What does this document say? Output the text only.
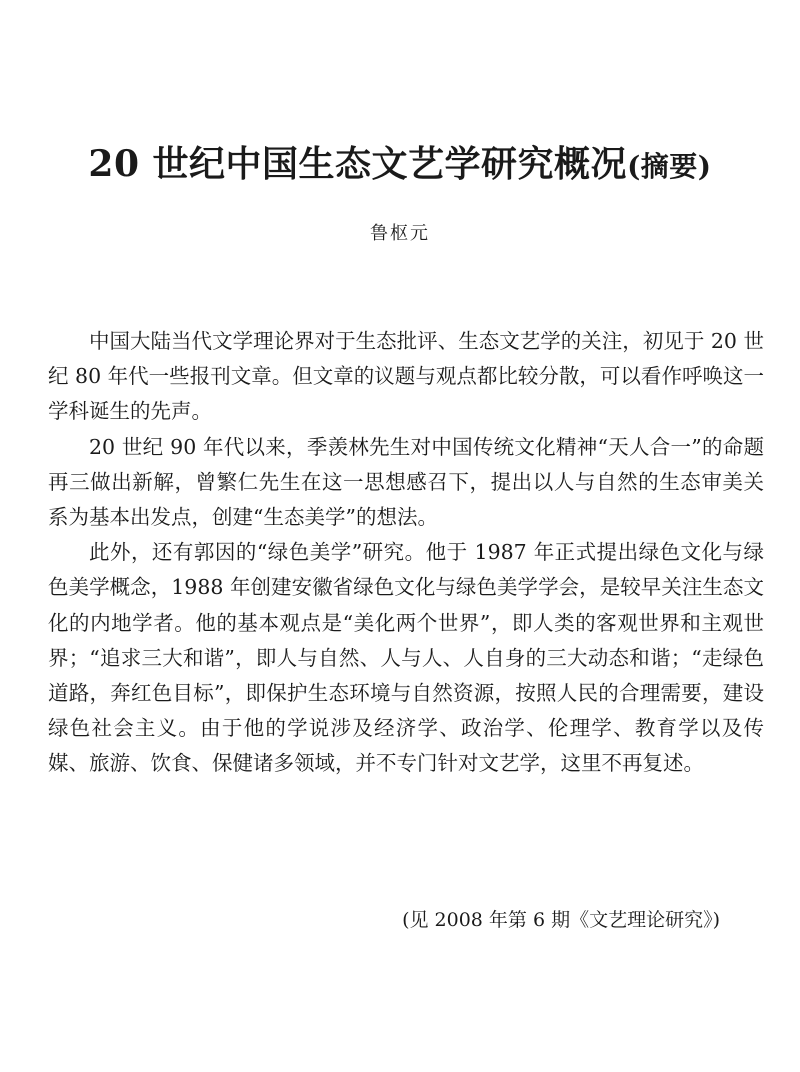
20 世纪中国生态文艺学研究概况(摘要)
鲁枢元

中国大陆当代文学理论界对于生态批评、生态文艺学的关注，初见于 20 世纪 80 年代一些报刊文章。但文章的议题与观点都比较分散，可以看作呼唤这一学科诞生的先声。

20 世纪 90 年代以来，季羡林先生对中国传统文化精神“天人合一”的命题再三做出新解，曾繁仁先生在这一思想感召下，提出以人与自然的生态审美关系为基本出发点，创建“生态美学”的想法。

此外，还有郭因的“绿色美学”研究。他于 1987 年正式提出绿色文化与绿色美学概念，1988 年创建安徽省绿色文化与绿色美学学会，是较早关注生态文化的内地学者。他的基本观点是“美化两个世界”，即人类的客观世界和主观世界；“追求三大和谐”，即人与自然、人与人、人自身的三大动态和谐；“走绿色道路，奔红色目标”，即保护生态环境与自然资源，按照人民的合理需要，建设绿色社会主义。由于他的学说涉及经济学、政治学、伦理学、教育学以及传媒、旅游、饮食、保健诸多领域，并不专门针对文艺学，这里不再复述。

(见 2008 年第 6 期《文艺理论研究》)
